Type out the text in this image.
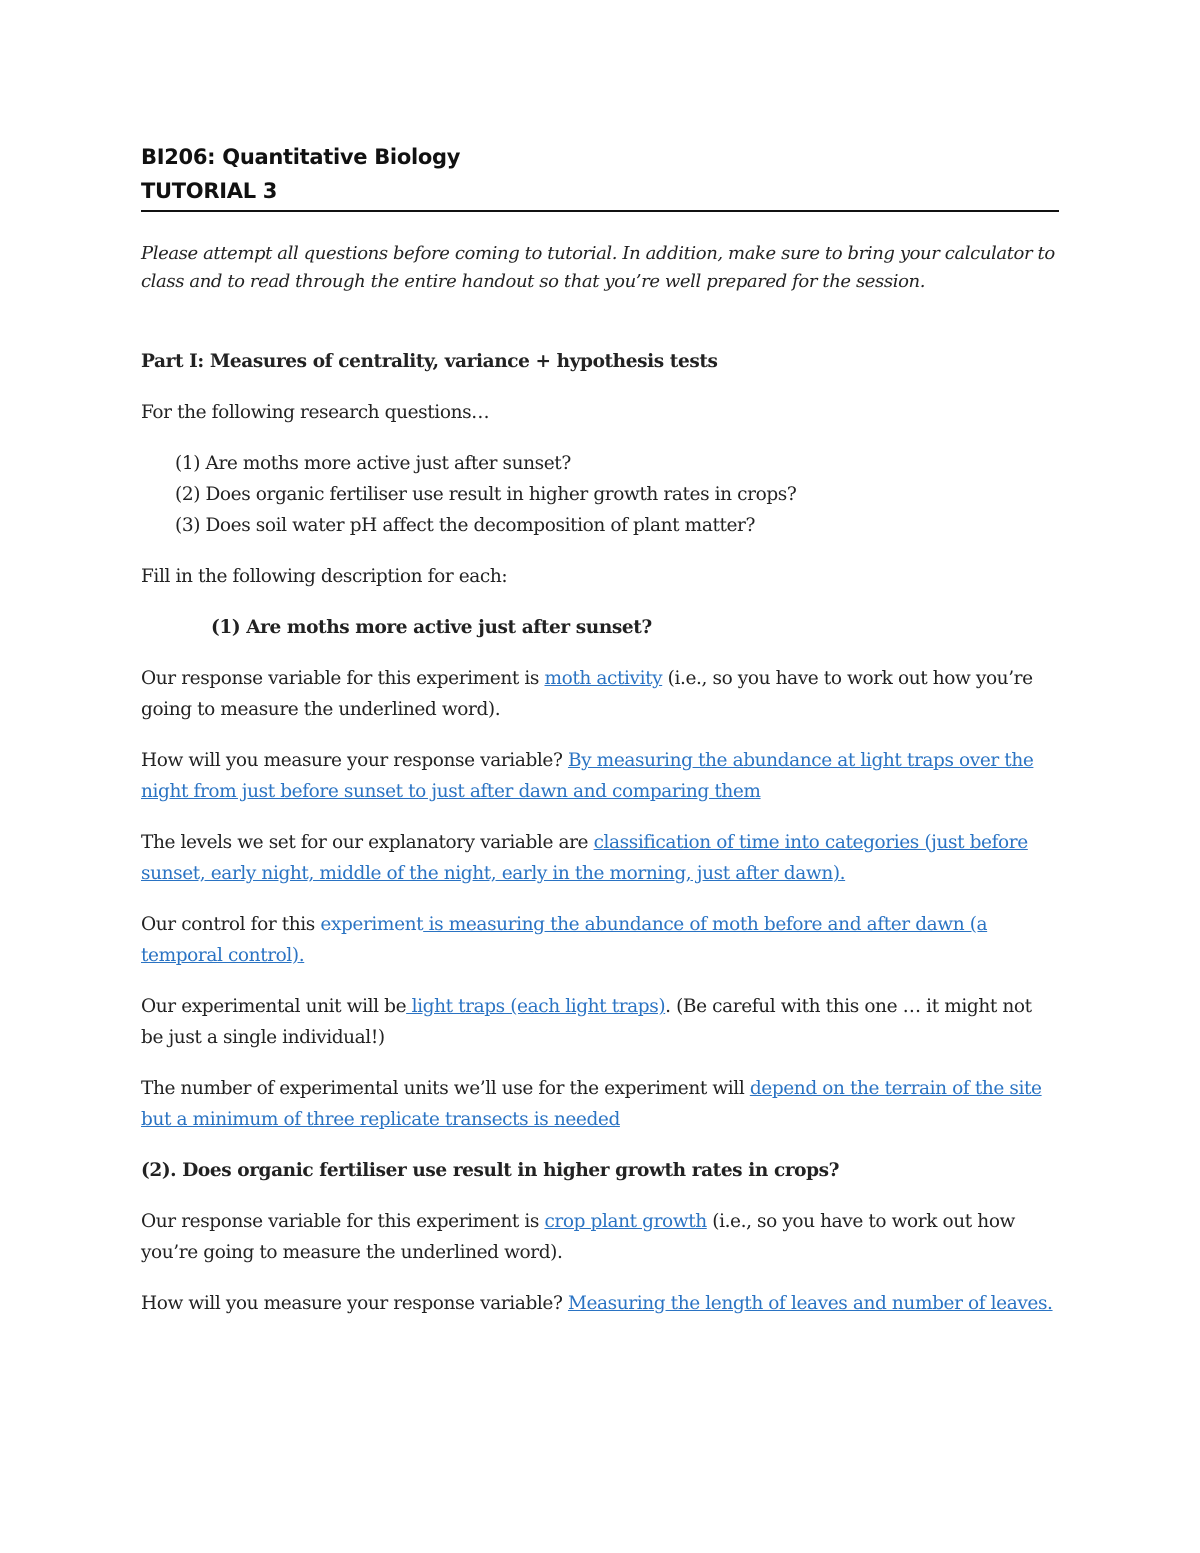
BI206: Quantitative Biology
TUTORIAL 3

Please attempt all questions before coming to tutorial. In addition, make sure to bring your calculator to class and to read through the entire handout so that you’re well prepared for the session.

Part I: Measures of centrality, variance + hypothesis tests

For the following research questions…

(1) Are moths more active just after sunset?
(2) Does organic fertiliser use result in higher growth rates in crops?
(3) Does soil water pH affect the decomposition of plant matter?

Fill in the following description for each:

(1) Are moths more active just after sunset?

Our response variable for this experiment is moth activity (i.e., so you have to work out how you’re going to measure the underlined word).

How will you measure your response variable? By measuring the abundance at light traps over the night from just before sunset to just after dawn and comparing them

The levels we set for our explanatory variable are classification of time into categories (just before sunset, early night, middle of the night, early in the morning, just after dawn).

Our control for this experiment is measuring the abundance of moth before and after dawn (a temporal control).

Our experimental unit will be light traps (each light traps). (Be careful with this one … it might not be just a single individual!)

The number of experimental units we’ll use for the experiment will depend on the terrain of the site but a minimum of three replicate transects is needed

(2). Does organic fertiliser use result in higher growth rates in crops?

Our response variable for this experiment is crop plant growth (i.e., so you have to work out how you’re going to measure the underlined word).

How will you measure your response variable? Measuring the length of leaves and number of leaves.
